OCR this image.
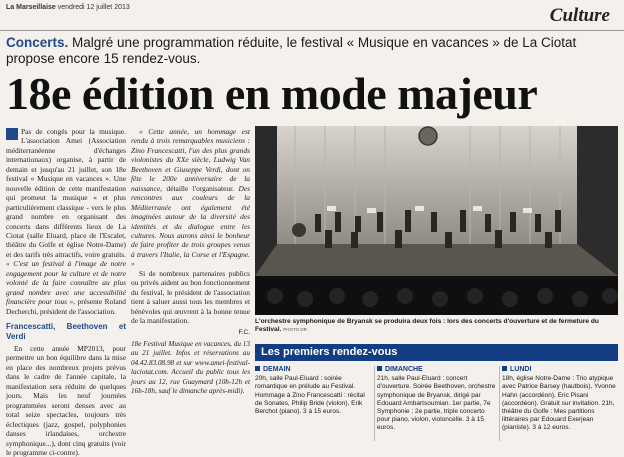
La Marseillaise vendredi 12 juillet 2013	Culture
Concerts. Malgré une programmation réduite, le festival « Musique en vacances » de La Ciotat propose encore 15 rendez-vous.
18e édition en mode majeur

Pas de congés pour la musique. L'association Amei (Association méditerranéenne d'échanges internationaux) organise, à partir de demain et jusqu'au 21 juillet, son 18e festival « Musique en vacances ». Une nouvelle édition de cette manifestation qui promeut la musique « et plus particulièrement classique - vers le plus grand nombre en organisant des concerts dans différents lieux de La Ciotat (salle Eluard, place de l'Escalet, théâtre du Golfe et église Notre-Dame) et des tarifs très attractifs, voire gratuits. « C'est un festival à l'image de notre engagement pour la culture et de notre volonté de la faire connaître au plus grand nombre avec une accessibilité financière pour tous », présente Roland Decherchi, président de l'association.

Francescatti, Beethoven et Verdi

En cette année MP2013, pour permettre un bon équilibre dans la mise en place des nombreux projets prévus dans le cadre de l'année capitale, la manifestation sera réduite de quelques jours. Mais les neuf journées programmées seront denses avec au total seize spectacles, toujours très éclectiques (jazz, gospel, polyphonies danses irlandaises, orchestre symphonique...), dont cinq gratuits (voir le programme ci-contre).

« Cette année, un hommage est rendu à trois remarquables musiciens : Zino Francescatti, l'un des plus grands violonistes du XXe siècle, Ludwig Van Beethoven et Giuseppe Verdi, dont on fête le 200e anniversaire de la naissance, détaille l'organisateur. Des rencontres aux couleurs de la Méditerranée ont également été imaginées autour de la diversité des identités et du dialogue entre les cultures. Nous aurons ainsi le bonheur de faire profiter de trois groupes venus à travers l'Italie, la Corse et l'Espagne. »

Si de nombreux partenaires publics ou privés aident au bon fonctionnement du festival, le président de l'association tient à saluer aussi tous les membres et bénévoles qui œuvrent à la bonne tenue de la manifestation.

F.C.

18e Festival Musique en vacances, du 13 au 21 juillet. Infos et réservations au 04.42.83.08.98 et sur www.amei-festival-laciotat.com. Accueil du public tous les jours au 12, rue Guaymard (10h-12h et 16h-18h, sauf le dimanche après-midi).

L'orchestre symphonique de Bryansk se produira deux fois : lors des concerts d'ouverture et de fermeture du Festival. PHOTO DR
Les premiers rendez-vous
DEMAIN
20h, salle Paul-Eluard : soirée romantique en prélude au Festival. Hommage à Zino Francescatti : récital de Sonates, Philip Bride (violon), Erik Berchot (piano). 3 à 15 euros.
DIMANCHE
21h, salle Paul-Eluard : concert d'ouverture. Soirée Beethoven, orchestre symphonique de Bryansk, dirigé par Edouard Ambartsoumian. 1er partie, 7e Symphonie ; 2e partie, triple concerto pour piano, violon, violoncelle. 3 à 15 euros.
LUNDI
18h, église Notre-Dame : Trio atypique avec Patrice Barsey (hautbois), Yvonne Hahn (accordéon), Eric Pisani (accordéon). Gratuit sur invitation. 21h, théâtre du Golfe : Mes partitions littéraires par Edouard Exerjean (pianiste). 3 à 12 euros.
